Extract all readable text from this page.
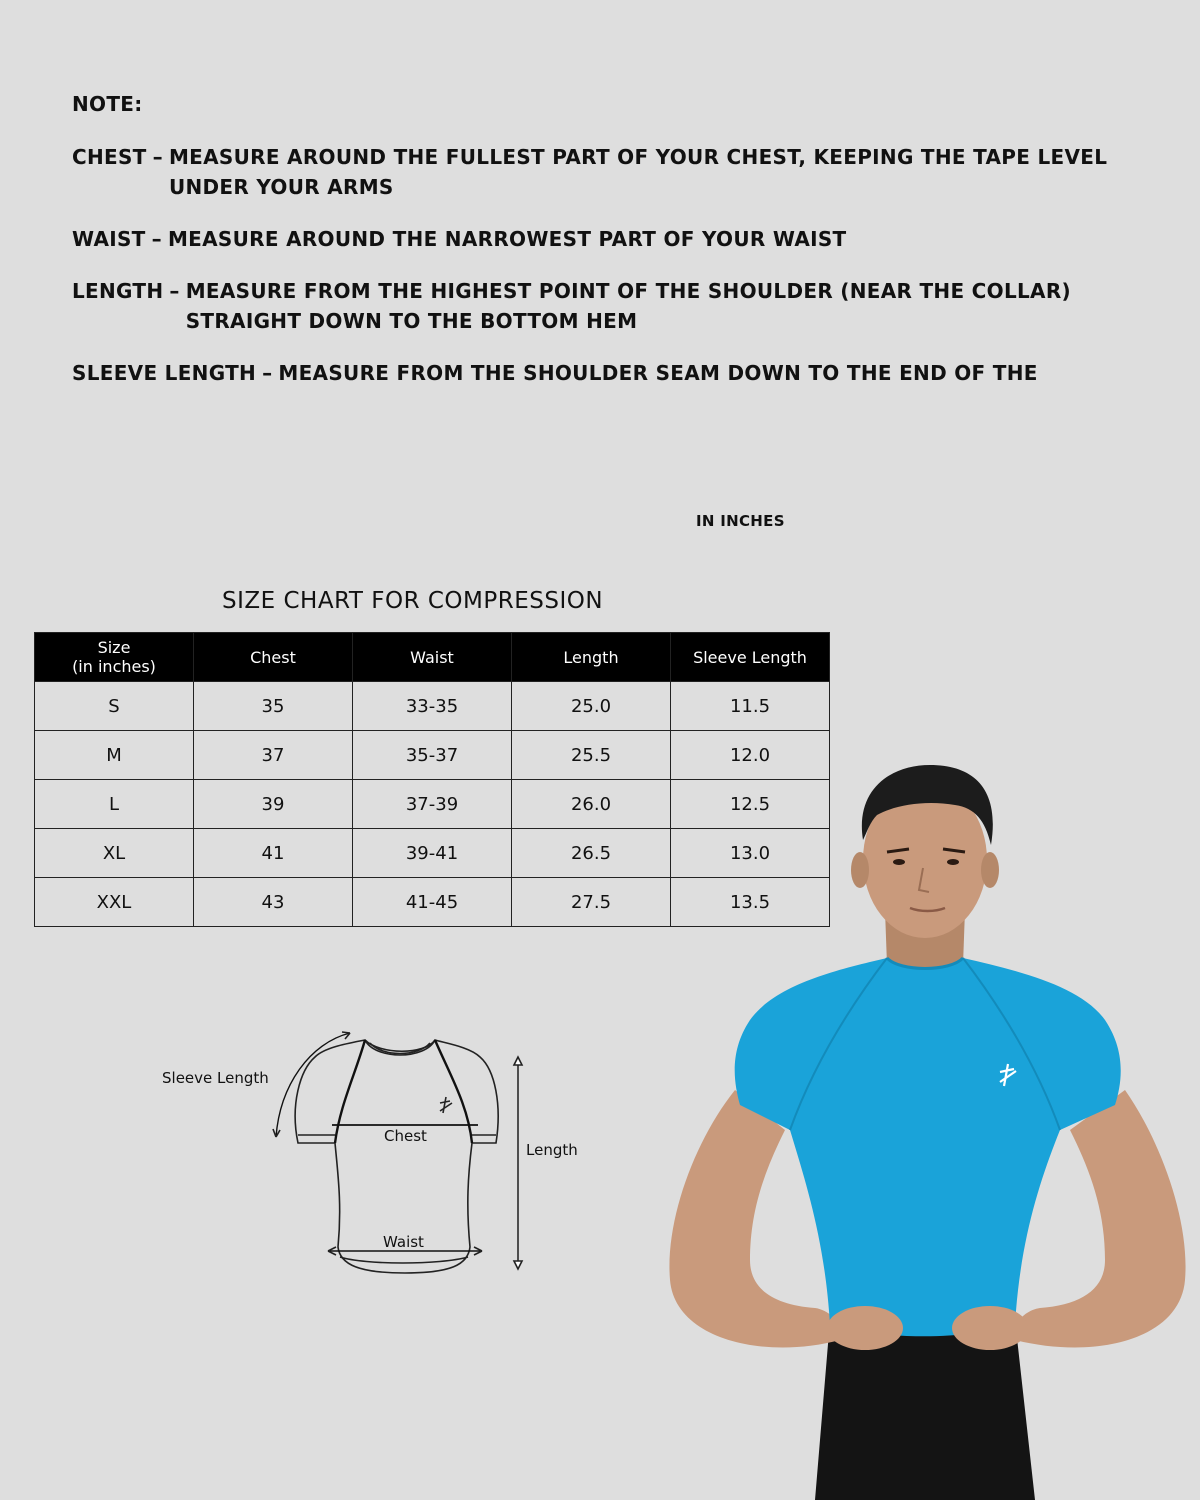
NOTE:
CHEST – MEASURE AROUND THE FULLEST PART OF YOUR CHEST, KEEPING THE TAPE LEVEL UNDER YOUR ARMS
WAIST – MEASURE AROUND THE NARROWEST PART OF YOUR WAIST
LENGTH – MEASURE FROM THE HIGHEST POINT OF THE SHOULDER (NEAR THE COLLAR) STRAIGHT DOWN TO THE BOTTOM HEM
SLEEVE LENGTH – MEASURE FROM THE SHOULDER SEAM DOWN TO THE END OF THE
IN INCHES
SIZE CHART FOR COMPRESSION
Size
(in inches)	Chest	Waist	Length	Sleeve Length
S	35	33-35	25.0	11.5
M	37	35-37	25.5	12.0
L	39	37-39	26.0	12.5
XL	41	39-41	26.5	13.0
XXL	43	41-45	27.5	13.5
Sleeve Length
Chest
Waist
Length
